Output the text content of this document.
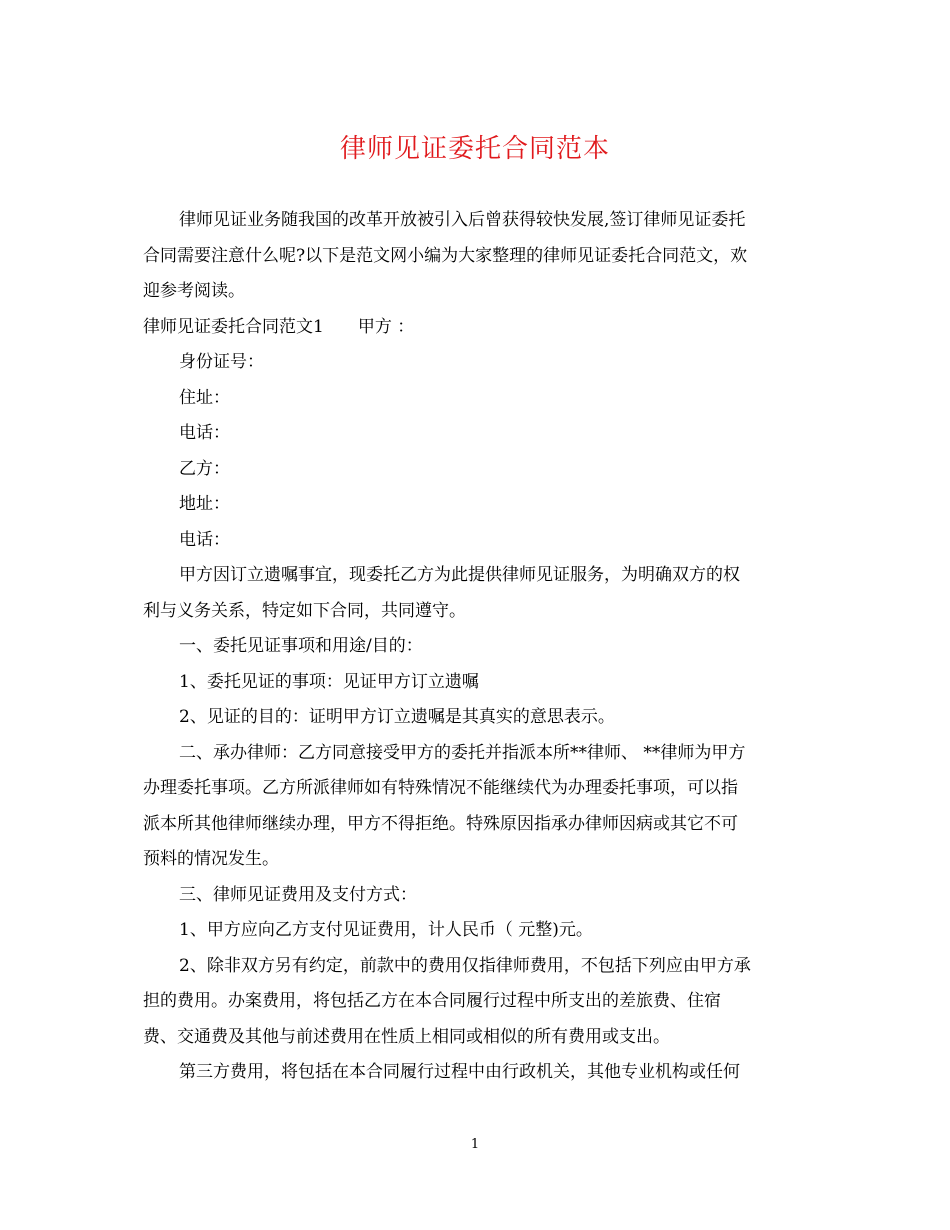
律师见证委托合同范本

律师见证业务随我国的改革开放被引入后曾获得较快发展,签订律师见证委托

合同需要注意什么呢?以下是范文网小编为大家整理的律师见证委托合同范文，欢

迎参考阅读。

律师见证委托合同范文1 甲方 ：

身份证号：

住址：

电话：

乙方：

地址：

电话：

甲方因订立遗嘱事宜，现委托乙方为此提供律师见证服务，为明确双方的权

利与义务关系，特定如下合同，共同遵守。

一、委托见证事项和用途/目的：

1、委托见证的事项：见证甲方订立遗嘱

2、见证的目的：证明甲方订立遗嘱是其真实的意思表示。

二、承办律师：乙方同意接受甲方的委托并指派本所**律师、 **律师为甲方

办理委托事项。乙方所派律师如有特殊情况不能继续代为办理委托事项，可以指

派本所其他律师继续办理，甲方不得拒绝。特殊原因指承办律师因病或其它不可

预料的情况发生。

三、律师见证费用及支付方式：

1、甲方应向乙方支付见证费用，计人民币（ 元整)元。

2、除非双方另有约定，前款中的费用仅指律师费用，不包括下列应由甲方承

担的费用。办案费用，将包括乙方在本合同履行过程中所支出的差旅费、住宿

费、交通费及其他与前述费用在性质上相同或相似的所有费用或支出。

第三方费用，将包括在本合同履行过程中由行政机关，其他专业机构或任何

1
